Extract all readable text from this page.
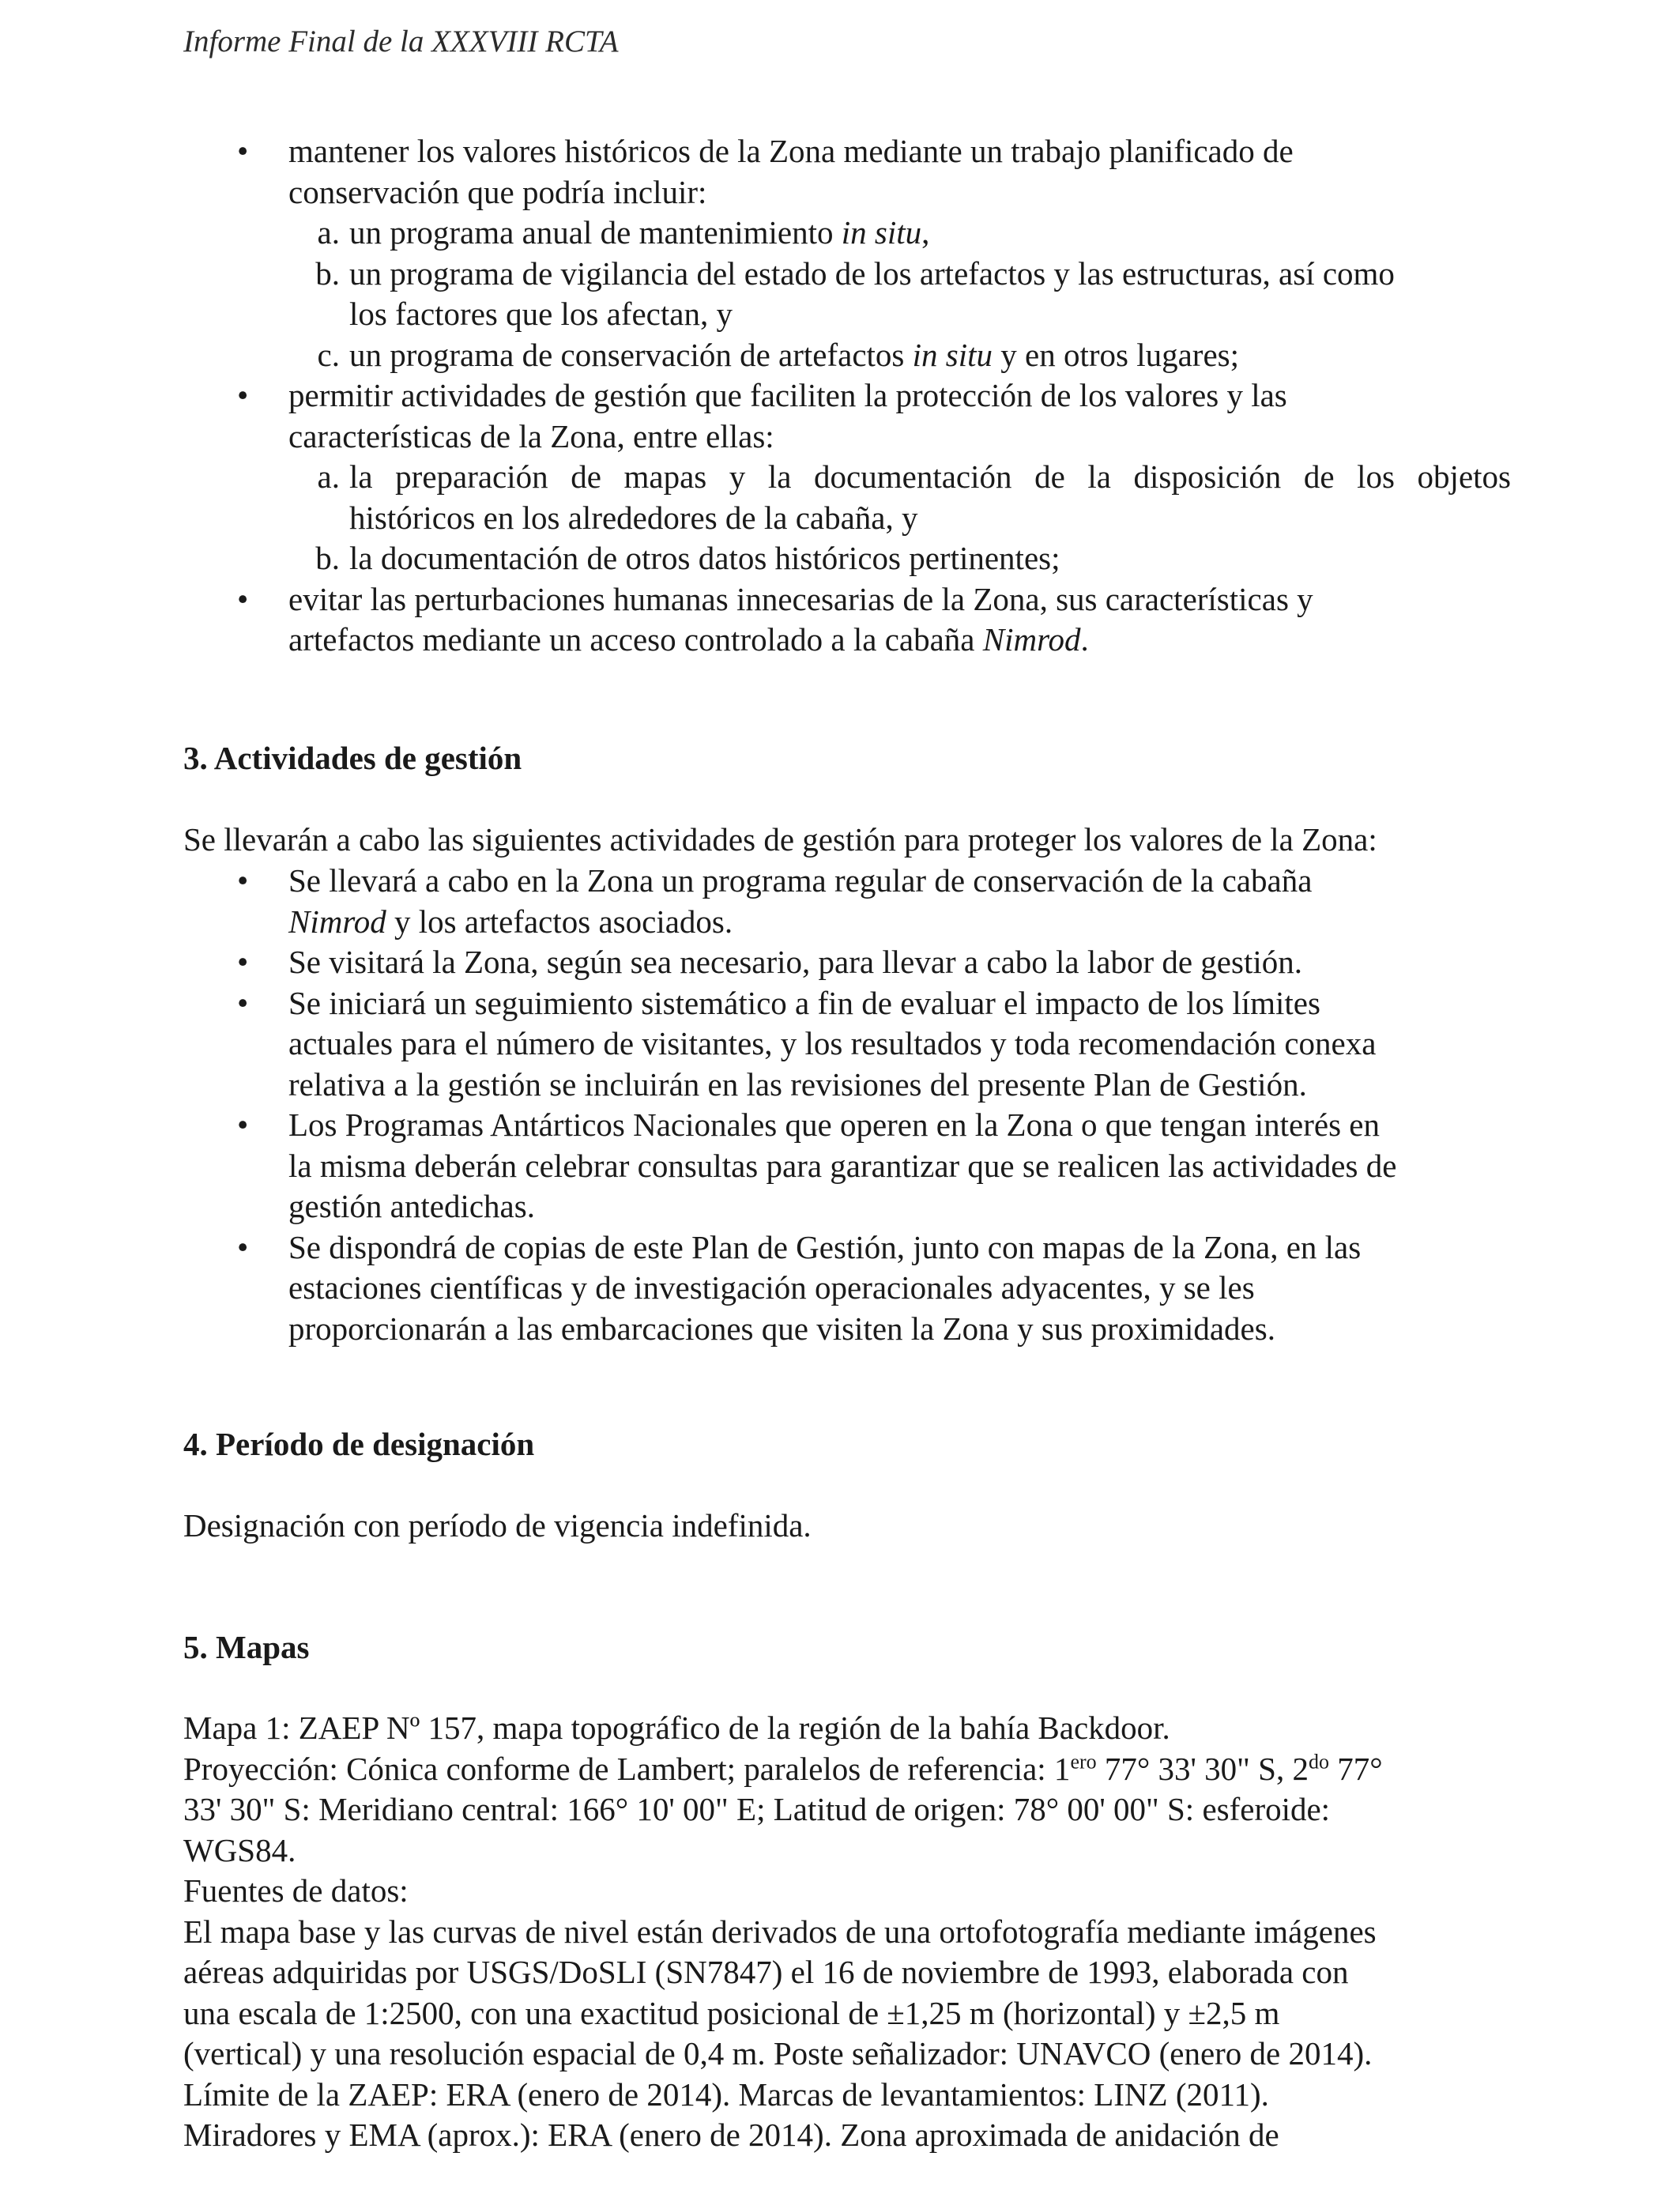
Informe Final de la XXXVIII RCTA
• mantener los valores históricos de la Zona mediante un trabajo planificado de
conservación que podría incluir:
a. un programa anual de mantenimiento in situ,
b. un programa de vigilancia del estado de los artefactos y las estructuras, así como
los factores que los afectan, y
c. un programa de conservación de artefactos in situ y en otros lugares;
• permitir actividades de gestión que faciliten la protección de los valores y las
características de la Zona, entre ellas:
a. la preparación de mapas y la documentación de la disposición de los objetos
históricos en los alrededores de la cabaña, y
b. la documentación de otros datos históricos pertinentes;
• evitar las perturbaciones humanas innecesarias de la Zona, sus características y
artefactos mediante un acceso controlado a la cabaña Nimrod.
3. Actividades de gestión
Se llevarán a cabo las siguientes actividades de gestión para proteger los valores de la Zona:
• Se llevará a cabo en la Zona un programa regular de conservación de la cabaña
Nimrod y los artefactos asociados.
• Se visitará la Zona, según sea necesario, para llevar a cabo la labor de gestión.
• Se iniciará un seguimiento sistemático a fin de evaluar el impacto de los límites
actuales para el número de visitantes, y los resultados y toda recomendación conexa
relativa a la gestión se incluirán en las revisiones del presente Plan de Gestión.
• Los Programas Antárticos Nacionales que operen en la Zona o que tengan interés en
la misma deberán celebrar consultas para garantizar que se realicen las actividades de
gestión antedichas.
• Se dispondrá de copias de este Plan de Gestión, junto con mapas de la Zona, en las
estaciones científicas y de investigación operacionales adyacentes, y se les
proporcionarán a las embarcaciones que visiten la Zona y sus proximidades.
4. Período de designación
Designación con período de vigencia indefinida.
5. Mapas
Mapa 1: ZAEP Nº 157, mapa topográfico de la región de la bahía Backdoor.
Proyección: Cónica conforme de Lambert; paralelos de referencia: $1^{ero}$ 77° 33' 30" S, $2^{do}$ 77°
33' 30" S: Meridiano central: 166° 10' 00" E; Latitud de origen: 78° 00' 00" S: esferoide:
WGS84.
Fuentes de datos:
El mapa base y las curvas de nivel están derivados de una ortofotografía mediante imágenes
aéreas adquiridas por USGS/DoSLI (SN7847) el 16 de noviembre de 1993, elaborada con
una escala de 1:2500, con una exactitud posicional de ±1,25 m (horizontal) y ±2,5 m
(vertical) y una resolución espacial de 0,4 m. Poste señalizador: UNAVCO (enero de 2014).
Límite de la ZAEP: ERA (enero de 2014). Marcas de levantamientos: LINZ (2011).
Miradores y EMA (aprox.): ERA (enero de 2014). Zona aproximada de anidación de
